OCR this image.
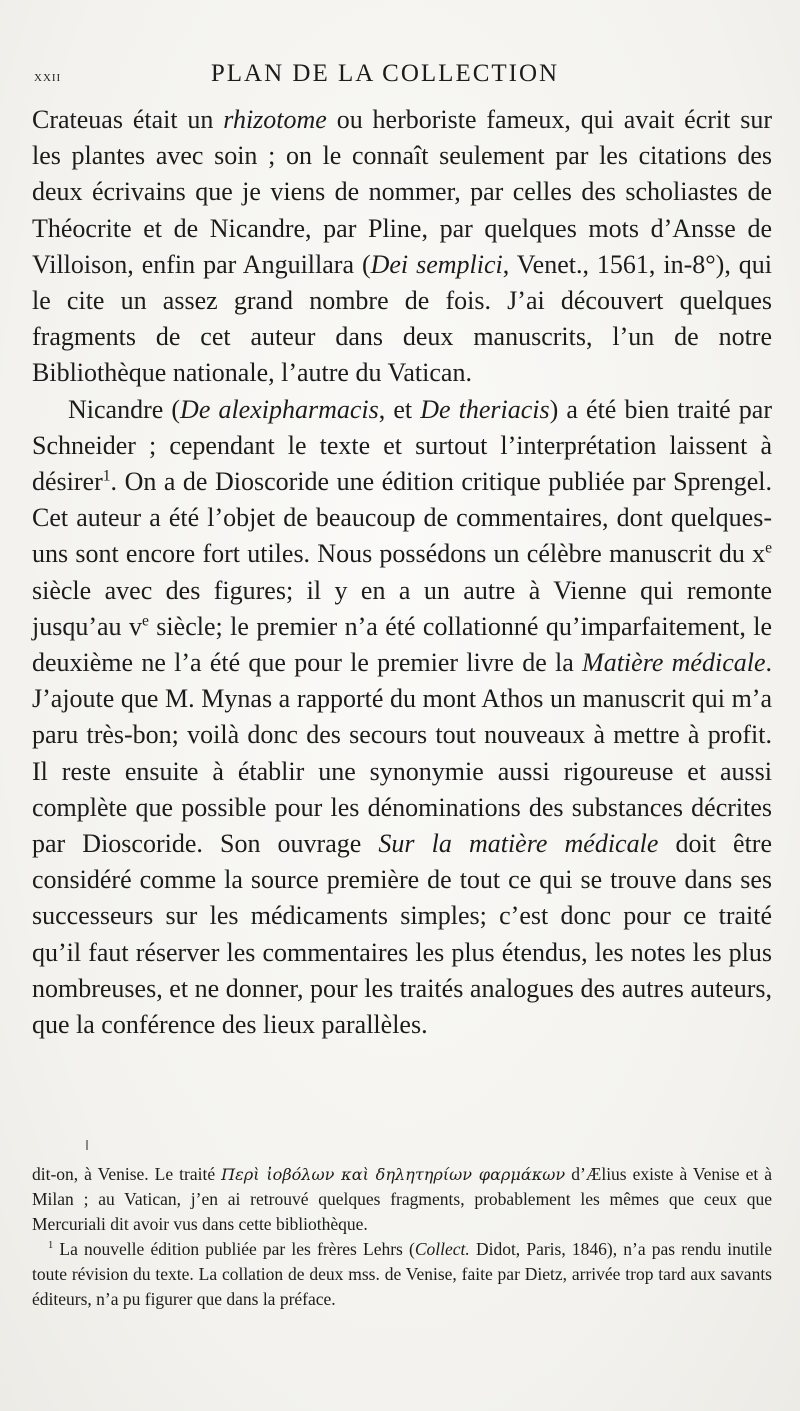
xxii	PLAN DE LA COLLECTION

Crateuas était un rhizotome ou herboriste fameux, qui avait écrit sur les plantes avec soin ; on le connaît seulement par les citations des deux écrivains que je viens de nommer, par celles des scholiastes de Théocrite et de Nicandre, par Pline, par quelques mots d’Ansse de Villoison, enfin par Anguillara (Dei semplici, Venet., 1561, in-8°), qui le cite un assez grand nombre de fois. J’ai découvert quelques fragments de cet auteur dans deux manuscrits, l’un de notre Bibliothèque nationale, l’autre du Vatican.

Nicandre (De alexipharmacis, et De theriacis) a été bien traité par Schneider ; cependant le texte et surtout l’interprétation laissent à désirer$^1$. On a de Dioscoride une édition critique publiée par Sprengel. Cet auteur a été l’objet de beaucoup de commentaires, dont quelques-uns sont encore fort utiles. Nous possédons un célèbre manuscrit du $x^e$ siècle avec des figures; il y en a un autre à Vienne qui remonte jusqu’au $v^e$ siècle; le premier n’a été collationné qu’imparfaitement, le deuxième ne l’a été que pour le premier livre de la Matière médicale. J’ajoute que M. Mynas a rapporté du mont Athos un manuscrit qui m’a paru très-bon; voilà donc des secours tout nouveaux à mettre à profit. Il reste ensuite à établir une synonymie aussi rigoureuse et aussi complète que possible pour les dénominations des substances décrites par Dioscoride. Son ouvrage Sur la matière médicale doit être considéré comme la source première de tout ce qui se trouve dans ses successeurs sur les médicaments simples; c’est donc pour ce traité qu’il faut réserver les commentaires les plus étendus, les notes les plus nombreuses, et ne donner, pour les traités analogues des autres auteurs, que la conférence des lieux parallèles.

dit-on, à Venise. Le traité Περὶ ἰοβόλων καὶ δηλητηρίων φαρμάκων d’Ælius existe à Venise et à Milan ; au Vatican, j’en ai retrouvé quelques fragments, probablement les mêmes que ceux que Mercuriali dit avoir vus dans cette bibliothèque.

$^1$ La nouvelle édition publiée par les frères Lehrs (Collect. Didot, Paris, 1846), n’a pas rendu inutile toute révision du texte. La collation de deux mss. de Venise, faite par Dietz, arrivée trop tard aux savants éditeurs, n’a pu figurer que dans la préface.
